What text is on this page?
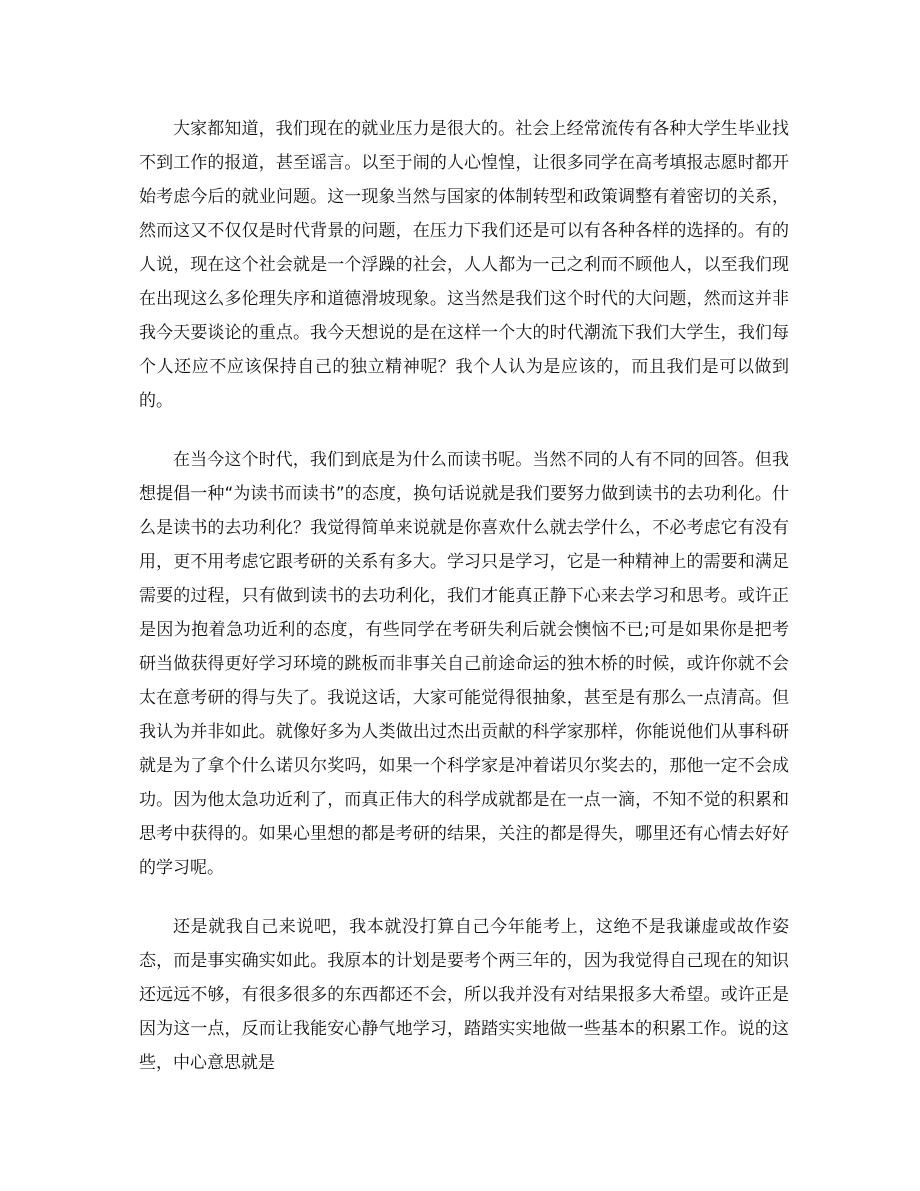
大家都知道，我们现在的就业压力是很大的。社会上经常流传有各种大学生毕业找不到工作的报道，甚至谣言。以至于闹的人心惶惶，让很多同学在高考填报志愿时都开始考虑今后的就业问题。这一现象当然与国家的体制转型和政策调整有着密切的关系，然而这又不仅仅是时代背景的问题，在压力下我们还是可以有各种各样的选择的。有的人说，现在这个社会就是一个浮躁的社会，人人都为一己之利而不顾他人，以至我们现在出现这么多伦理失序和道德滑坡现象。这当然是我们这个时代的大问题，然而这并非我今天要谈论的重点。我今天想说的是在这样一个大的时代潮流下我们大学生，我们每个人还应不应该保持自己的独立精神呢？我个人认为是应该的，而且我们是可以做到的。

在当今这个时代，我们到底是为什么而读书呢。当然不同的人有不同的回答。但我想提倡一种“为读书而读书”的态度，换句话说就是我们要努力做到读书的去功利化。什么是读书的去功利化？我觉得简单来说就是你喜欢什么就去学什么，不必考虑它有没有用，更不用考虑它跟考研的关系有多大。学习只是学习，它是一种精神上的需要和满足需要的过程，只有做到读书的去功利化，我们才能真正静下心来去学习和思考。或许正是因为抱着急功近利的态度，有些同学在考研失利后就会懊恼不已;可是如果你是把考研当做获得更好学习环境的跳板而非事关自己前途命运的独木桥的时候，或许你就不会太在意考研的得与失了。我说这话，大家可能觉得很抽象，甚至是有那么一点清高。但我认为并非如此。就像好多为人类做出过杰出贡献的科学家那样，你能说他们从事科研就是为了拿个什么诺贝尔奖吗，如果一个科学家是冲着诺贝尔奖去的，那他一定不会成功。因为他太急功近利了，而真正伟大的科学成就都是在一点一滴，不知不觉的积累和思考中获得的。如果心里想的都是考研的结果，关注的都是得失，哪里还有心情去好好的学习呢。

还是就我自己来说吧，我本就没打算自己今年能考上，这绝不是我谦虚或故作姿态，而是事实确实如此。我原本的计划是要考个两三年的，因为我觉得自己现在的知识还远远不够，有很多很多的东西都还不会，所以我并没有对结果报多大希望。或许正是因为这一点，反而让我能安心静气地学习，踏踏实实地做一些基本的积累工作。说的这些，中心意思就是
